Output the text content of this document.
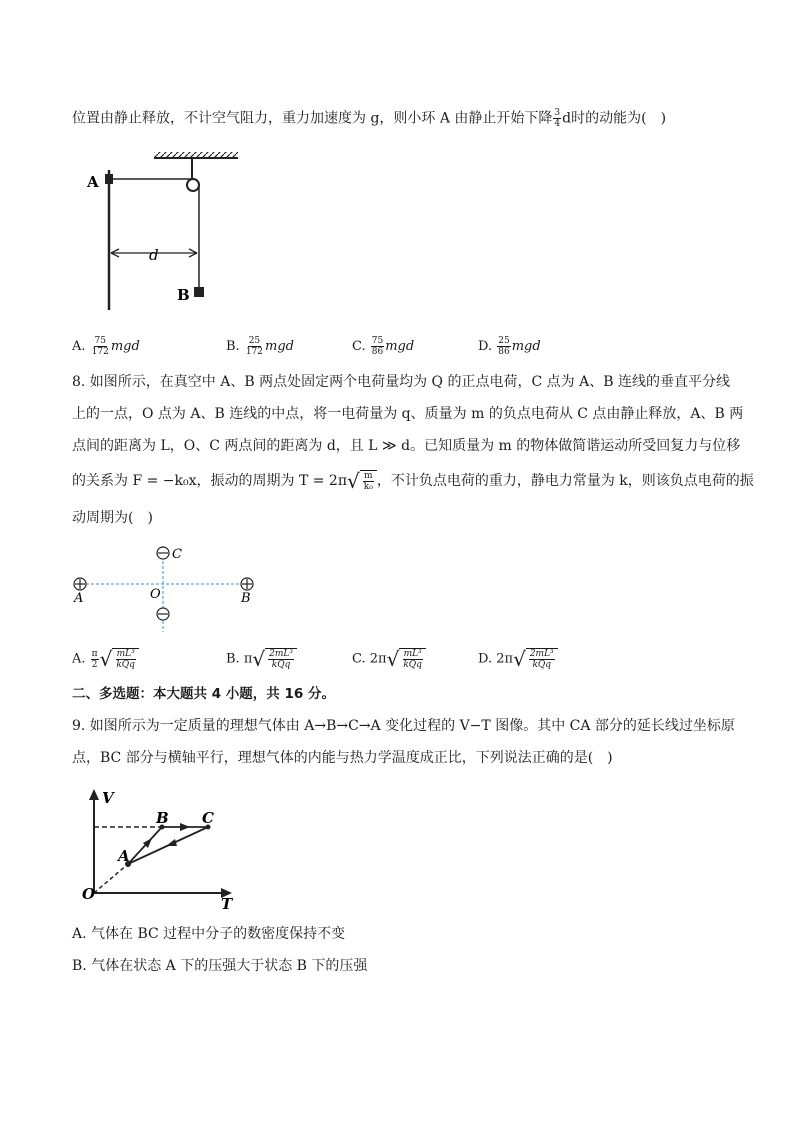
位置由静止释放，不计空气阻力，重力加速度为 g，则小环 A 由静止开始下降 $\frac{3}{4}$ d时的动能为(　)
A
B
d
A. $\frac{75}{172}$ mgd	B. $\frac{25}{172}$ mgd	C. $\frac{75}{86}$ mgd	D. $\frac{25}{86}$ mgd
8. 如图所示，在真空中 A、B 两点处固定两个电荷量均为 Q 的正点电荷，C 点为 A、B 连线的垂直平分线
上的一点，O 点为 A、B 连线的中点，将一电荷量为 q、质量为 m 的负点电荷从 C 点由静止释放，A、B 两
点间的距离为 L，O、C 两点间的距离为 d，且 L ≫ d。已知质量为 m 的物体做简谐运动所受回复力与位移
的关系为 F = −k₀x，振动的周期为 T = 2π √ $\frac{m}{\text{k₀}}$ ，不计负点电荷的重力，静电力常量为 k，则该负点电荷的振
动周期为(　)
C
O
A	B
A. $\frac{\pi}{2}$ √ $\frac{\text{mL³}}{\text{kQq}}$	B. π √ $\frac{\text{2mL³}}{\text{kQq}}$	C. 2π √ $\frac{\text{mL³}}{\text{kQq}}$	D. 2π √ $\frac{\text{2mL³}}{\text{kQq}}$
二、多选题：本大题共 4 小题，共 16 分。
9. 如图所示为一定质量的理想气体由 A→B→C→A 变化过程的 V−T 图像。其中 CA 部分的延长线过坐标原
点，BC 部分与横轴平行，理想气体的内能与热力学温度成正比，下列说法正确的是(　)
V
T
O
A
B C
A. 气体在 BC 过程中分子的数密度保持不变
B. 气体在状态 A 下的压强大于状态 B 下的压强
